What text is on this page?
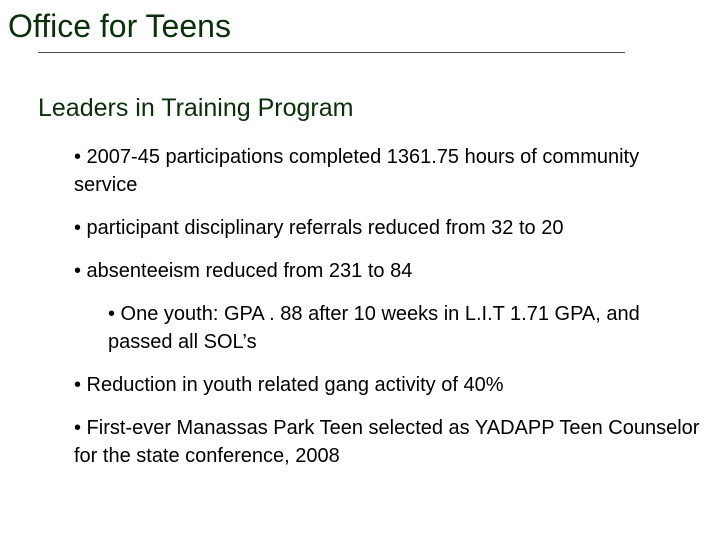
Office for Teens
Leaders in Training Program
• 2007-45 participations completed 1361.75 hours of community service
• participant disciplinary referrals reduced from 32 to 20
• absenteeism reduced from 231 to 84
• One youth: GPA . 88 after 10 weeks in L.I.T 1.71 GPA, and passed all SOL’s
• Reduction in youth related gang activity of 40%
• First-ever Manassas Park Teen selected as YADAPP Teen Counselor for the state conference, 2008
